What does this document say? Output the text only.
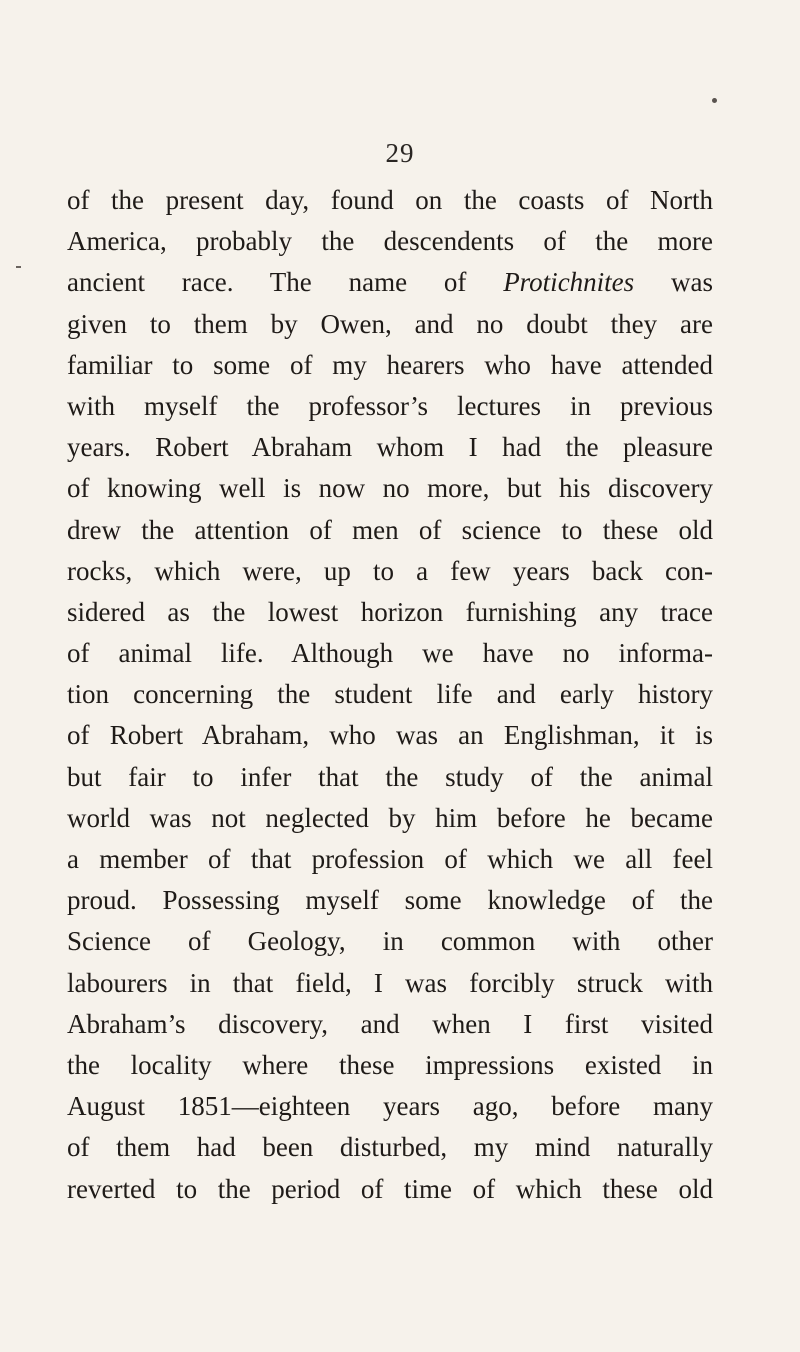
29
of the present day, found on the coasts of North
America, probably the descendents of the more
ancient race. The name of Protichnites was
given to them by Owen, and no doubt they are
familiar to some of my hearers who have attended
with myself the professor’s lectures in previous
years. Robert Abraham whom I had the pleasure
of knowing well is now no more, but his discovery
drew the attention of men of science to these old
rocks, which were, up to a few years back con-
sidered as the lowest horizon furnishing any trace
of animal life. Although we have no informa-
tion concerning the student life and early history
of Robert Abraham, who was an Englishman, it is
but fair to infer that the study of the animal
world was not neglected by him before he became
a member of that profession of which we all feel
proud. Possessing myself some knowledge of the
Science of Geology, in common with other
labourers in that field, I was forcibly struck with
Abraham’s discovery, and when I first visited
the locality where these impressions existed in
August 1851—eighteen years ago, before many
of them had been disturbed, my mind naturally
reverted to the period of time of which these old
